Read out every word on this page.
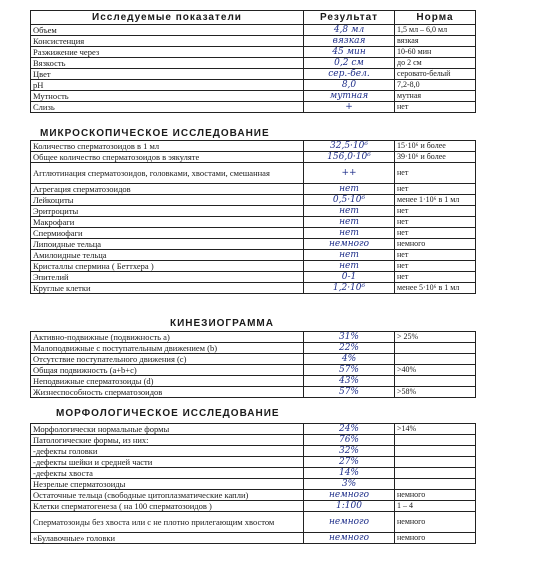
Исследуемые показатели	Результат	Норма
Объем	4,8 мл	1,5 мл – 6,0 мл
Консистенция	вязкая	вязкая
Разжижение через	45 мин	10-60 мин
Вязкость	0,2 см	до 2 см
Цвет	сер.-бел.	серовато-белый
рН	8,0	7,2-8,0
Мутность	мутная	мутная
Слизь	+	нет
МИКРОСКОПИЧЕСКОЕ ИССЛЕДОВАНИЕ
Количество сперматозоидов в 1 мл	32,5·10⁶	15·10⁶ и более
Общее количество сперматозоидов в эякуляте	156,0·10⁶	39·10⁶ и более
Агглютинация сперматозоидов, головками, хвостами, смешанная	++	нет
Агрегация сперматозоидов	нет	нет
Лейкоциты	0,5·10⁶	менее 1·10⁶ в 1 мл
Эритроциты	нет	нет
Макрофаги	нет	нет
Спермиофаги	нет	нет
Липоидные тельца	немного	немного
Амилоидные тельца	нет	нет
Кристаллы спермина ( Беттхера )	нет	нет
Эпителий	0-1	нет
Круглые клетки	1,2·10⁶	менее 5·10⁶ в 1 мл
КИНЕЗИОГРАММА
Активно-подвижные (подвижность a)	31%	> 25%
Малоподвижные с поступательным движением (b)	22%	
Отсутствие поступательного движения (c)	4%	
Общая подвижность (a+b+c)	57%	>40%
Неподвижные сперматозоиды (d)	43%	
Жизнеспособность сперматозоидов	57%	>58%
МОРФОЛОГИЧЕСКОЕ ИССЛЕДОВАНИЕ
Морфологически нормальные формы	24%	>14%
Патологические формы, из них:	76%	
-дефекты головки	32%	
-дефекты шейки и средней части	27%	
-дефекты хвоста	14%	
Незрелые сперматозоиды	3%	
Остаточные тельца (свободные цитоплазматические капли)	немного	немного
Клетки сперматогенеза ( на 100 сперматозоидов )	1:100	1 – 4
Сперматозоиды без хвоста или с не плотно прилегающим хвостом	немного	немного
«Булавочные» головки	немного	немного
